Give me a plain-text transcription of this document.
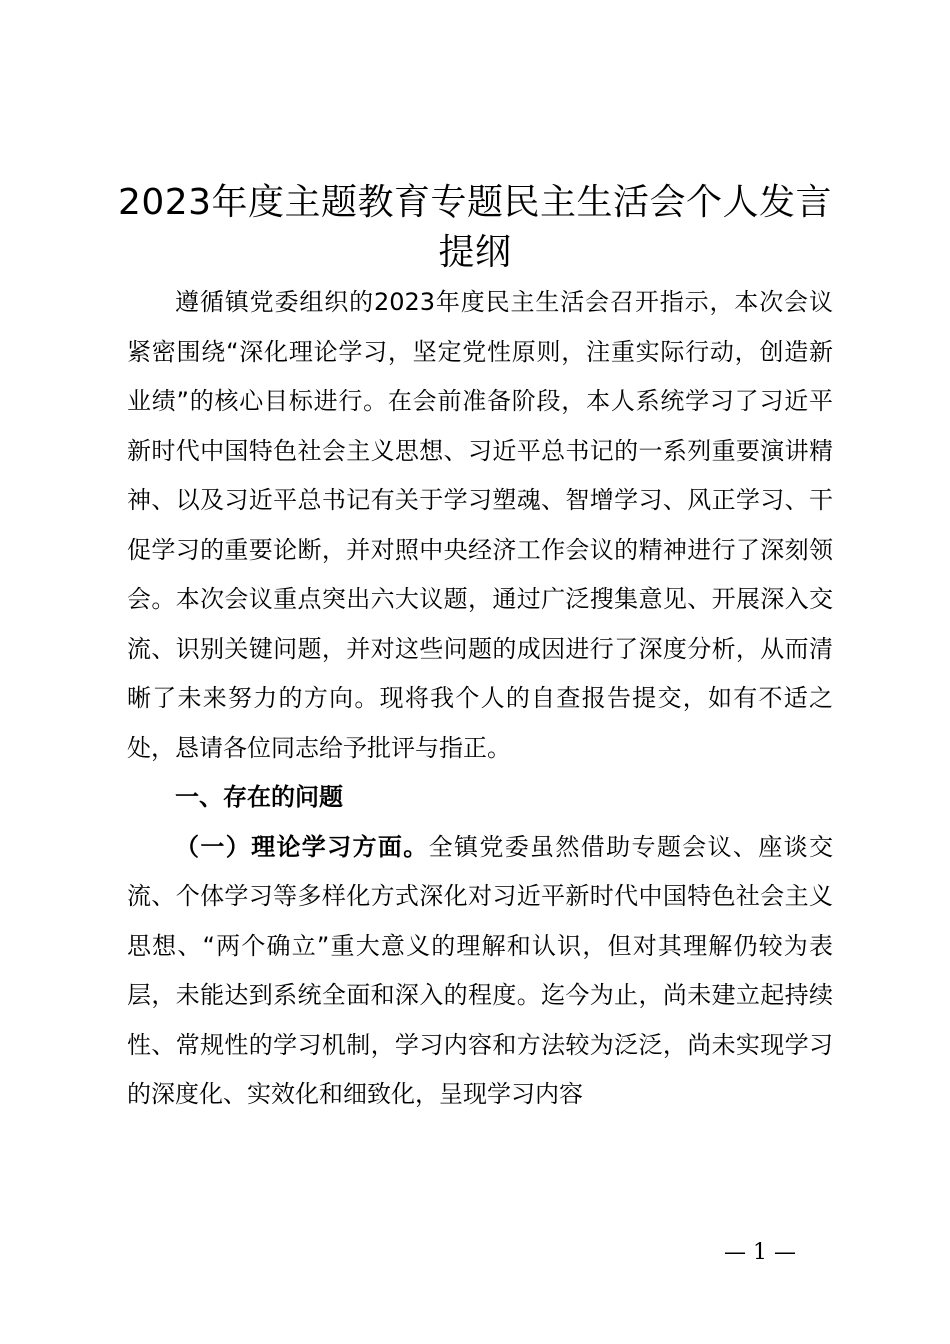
2023年度主题教育专题民主生活会个人发言提纲

遵循镇党委组织的2023年度民主生活会召开指示，本次会议紧密围绕“深化理论学习，坚定党性原则，注重实际行动，创造新业绩”的核心目标进行。在会前准备阶段，本人系统学习了习近平新时代中国特色社会主义思想、习近平总书记的一系列重要演讲精神、以及习近平总书记有关于学习塑魂、智增学习、风正学习、干促学习的重要论断，并对照中央经济工作会议的精神进行了深刻领会。本次会议重点突出六大议题，通过广泛搜集意见、开展深入交流、识别关键问题，并对这些问题的成因进行了深度分析，从而清晰了未来努力的方向。现将我个人的自查报告提交，如有不适之处，恳请各位同志给予批评与指正。

一、存在的问题

（一）理论学习方面。全镇党委虽然借助专题会议、座谈交流、个体学习等多样化方式深化对习近平新时代中国特色社会主义思想、“两个确立”重大意义的理解和认识，但对其理解仍较为表层，未能达到系统全面和深入的程度。迄今为止，尚未建立起持续性、常规性的学习机制，学习内容和方法较为泛泛，尚未实现学习的深度化、实效化和细致化，呈现学习内容

— 1 —
